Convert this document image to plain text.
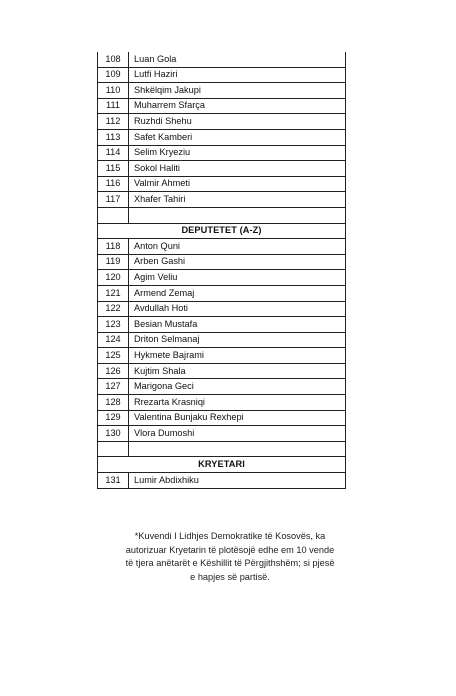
108	Luan Gola
109	Lutfi Haziri
110	Shkëlqim Jakupi
111	Muharrem Sfarça
112	Ruzhdi Shehu
113	Safet Kamberi
114	Selim Kryeziu
115	Sokol Haliti
116	Valmir Ahmeti
117	Xhafer Tahiri

DEPUTETET (A-Z)	
118	Anton Quni
119	Arben Gashi
120	Agim Veliu
121	Armend Zemaj
122	Avdullah Hoti
123	Besian Mustafa
124	Driton Selmanaj
125	Hykmete Bajrami
126	Kujtim Shala
127	Marigona Geci
128	Rrezarta Krasniqi
129	Valentina Bunjaku Rexhepi
130	Vlora Dumoshi

KRYETARI	
131	Lumir Abdixhiku
*Kuvendi I Lidhjes Demokratike të Kosovës, ka
autorizuar Kryetarin të plotësojë edhe em 10 vende
të tjera anëtarët e Këshillit të Përgjithshëm; si pjesë
e hapjes së partisë.
